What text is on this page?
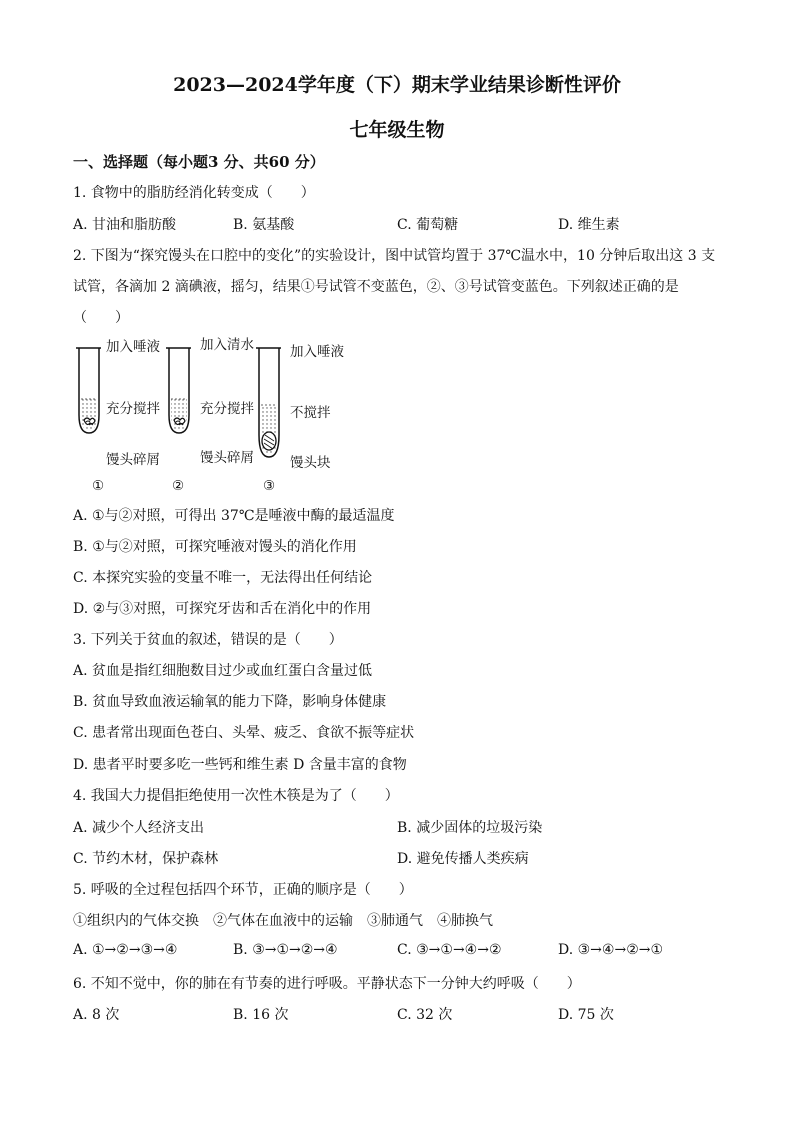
2023—2024学年度（下）期末学业结果诊断性评价
七年级生物
一、选择题（每小题3 分、共60 分）
1. 食物中的脂肪经消化转变成（　　）
A. 甘油和脂肪酸	B. 氨基酸	C. 葡萄糖	D. 维生素
2. 下图为“探究馒头在口腔中的变化”的实验设计，图中试管均置于 37℃温水中，10 分钟后取出这 3 支
试管，各滴加 2 滴碘液，摇匀，结果①号试管不变蓝色，②、③号试管变蓝色。下列叙述正确的是
（　　）
加入唾液
充分搅拌
馒头碎屑
①
加入清水
充分搅拌
馒头碎屑
②
加入唾液
不搅拌
馒头块
③
A. ①与②对照，可得出 37℃是唾液中酶的最适温度
B. ①与②对照，可探究唾液对馒头的消化作用
C. 本探究实验的变量不唯一，无法得出任何结论
D. ②与③对照，可探究牙齿和舌在消化中的作用
3. 下列关于贫血的叙述，错误的是（　　）
A. 贫血是指红细胞数目过少或血红蛋白含量过低
B. 贫血导致血液运输氧的能力下降，影响身体健康
C. 患者常出现面色苍白、头晕、疲乏、食欲不振等症状
D. 患者平时要多吃一些钙和维生素 D 含量丰富的食物
4. 我国大力提倡拒绝使用一次性木筷是为了（　　）
A. 减少个人经济支出	B. 减少固体的垃圾污染
C. 节约木材，保护森林	D. 避免传播人类疾病
5. 呼吸的全过程包括四个环节，正确的顺序是（　　）
①组织内的气体交换　②气体在血液中的运输　③肺通气　④肺换气
A. ①→②→③→④	B. ③→①→②→④	C. ③→①→④→②	D. ③→④→②→①
6. 不知不觉中，你的肺在有节奏的进行呼吸。平静状态下一分钟大约呼吸（　　）
A. 8 次	B. 16 次	C. 32 次	D. 75 次
